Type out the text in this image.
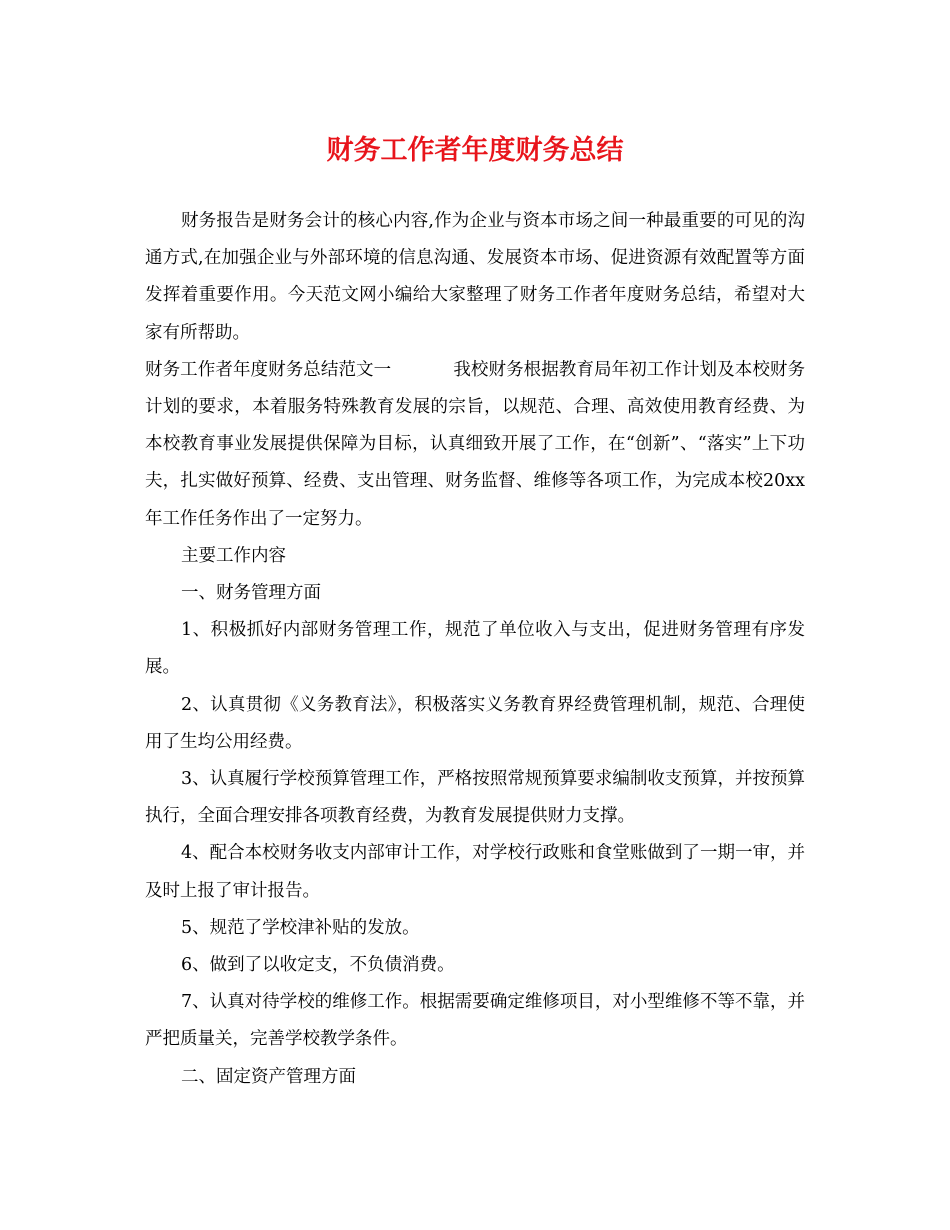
财务工作者年度财务总结

财务报告是财务会计的核心内容,作为企业与资本市场之间一种最重要的可见的沟通方式,在加强企业与外部环境的信息沟通、发展资本市场、促进资源有效配置等方面发挥着重要作用。今天范文网小编给大家整理了财务工作者年度财务总结，希望对大家有所帮助。

财务工作者年度财务总结范文一	我校财务根据教育局年初工作计划及本校财务计划的要求，本着服务特殊教育发展的宗旨，以规范、合理、高效使用教育经费、为本校教育事业发展提供保障为目标，认真细致开展了工作，在“创新”、“落实”上下功夫，扎实做好预算、经费、支出管理、财务监督、维修等各项工作，为完成本校20xx年工作任务作出了一定努力。

主要工作内容

一、财务管理方面

1、积极抓好内部财务管理工作，规范了单位收入与支出，促进财务管理有序发展。

2、认真贯彻《义务教育法》，积极落实义务教育界经费管理机制，规范、合理使用了生均公用经费。

3、认真履行学校预算管理工作，严格按照常规预算要求编制收支预算，并按预算执行，全面合理安排各项教育经费，为教育发展提供财力支撑。

4、配合本校财务收支内部审计工作，对学校行政账和食堂账做到了一期一审，并及时上报了审计报告。

5、规范了学校津补贴的发放。

6、做到了以收定支，不负债消费。

7、认真对待学校的维修工作。根据需要确定维修项目，对小型维修不等不靠，并严把质量关，完善学校教学条件。

二、固定资产管理方面
